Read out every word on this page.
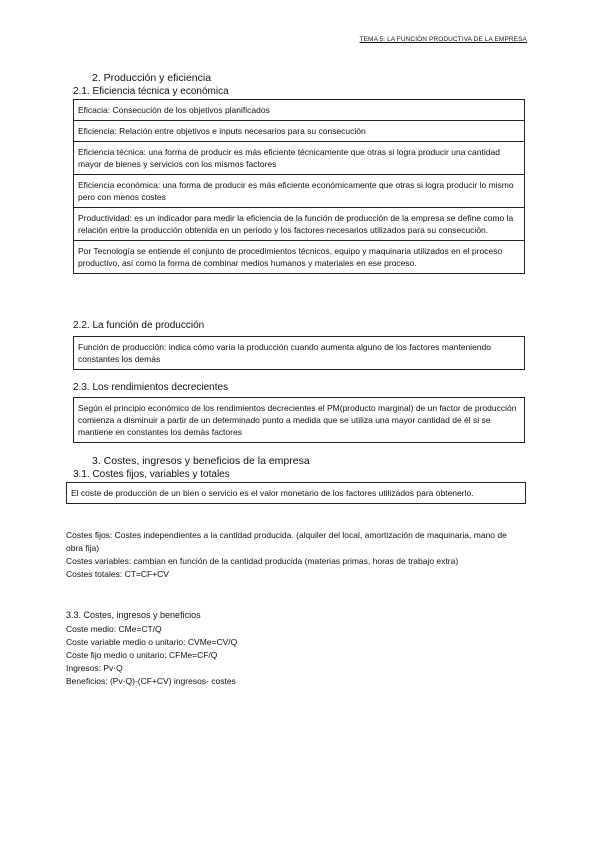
TEMA 5: LA FUNCIÓN PRODUCTIVA DE LA EMPRESA
2. Producción y eficiencia
2.1. Eficiencia técnica y económica
Eficacia: Consecución de los objetivos planificados
Eficiencia: Relación entre objetivos e inputs necesarios para su consecución
Eficiencia técnica: una forma de producir es más eficiente técnicamente que otras si logra producir una cantidad mayor de bienes y servicios con los mismos factores
Eficiencia económica: una forma de producir es más eficiente económicamente que otras si logra producir lo mismo pero con menos costes
Productividad: es un indicador para medir la eficiencia de la función de producción de la empresa se define como la relación entre la producción obtenida en un periodo y los factores necesarios utilizados para su consecución.
Por Tecnología se entiende el conjunto de procedimientos técnicos, equipo y maquinaria utilizados en el proceso productivo, así como la forma de combinar medios humanos y materiales en ese proceso.
2.2. La función de producción
Función de producción: indica cómo varía la producción cuando aumenta alguno de los factores manteniendo constantes los demás
2.3. Los rendimientos decrecientes
Según el principio económico de los rendimientos decrecientes el PM(producto marginal) de un factor de producción comienza a disminuir a partir de un determinado punto a medida que se utiliza una mayor cantidad de él si se mantiene en constantes los demás factores
3. Costes, ingresos y beneficios de la empresa
3.1. Costes fijos, variables y totales
El coste de producción de un bien o servicio es el valor monetario de los factores utilizados para obtenerlo.

Costes fijos: Costes independientes a la cantidad producida. (alquiler del local, amortización de maquinaria, mano de obra fija)

Costes variables: cambian en función de la cantidad producida (materias primas, horas de trabajo extra)

Costes totales: CT=CF+CV

3.3. Costes, ingresos y beneficios

Coste medio: CMe=CT/Q

Coste variable medio o unitario: CVMe=CV/Q

Coste fijo medio o unitario: CFMe=CF/Q

Ingresos: Pv·Q

Beneficios: (Pv·Q)-(CF+CV) ingresos- costes
